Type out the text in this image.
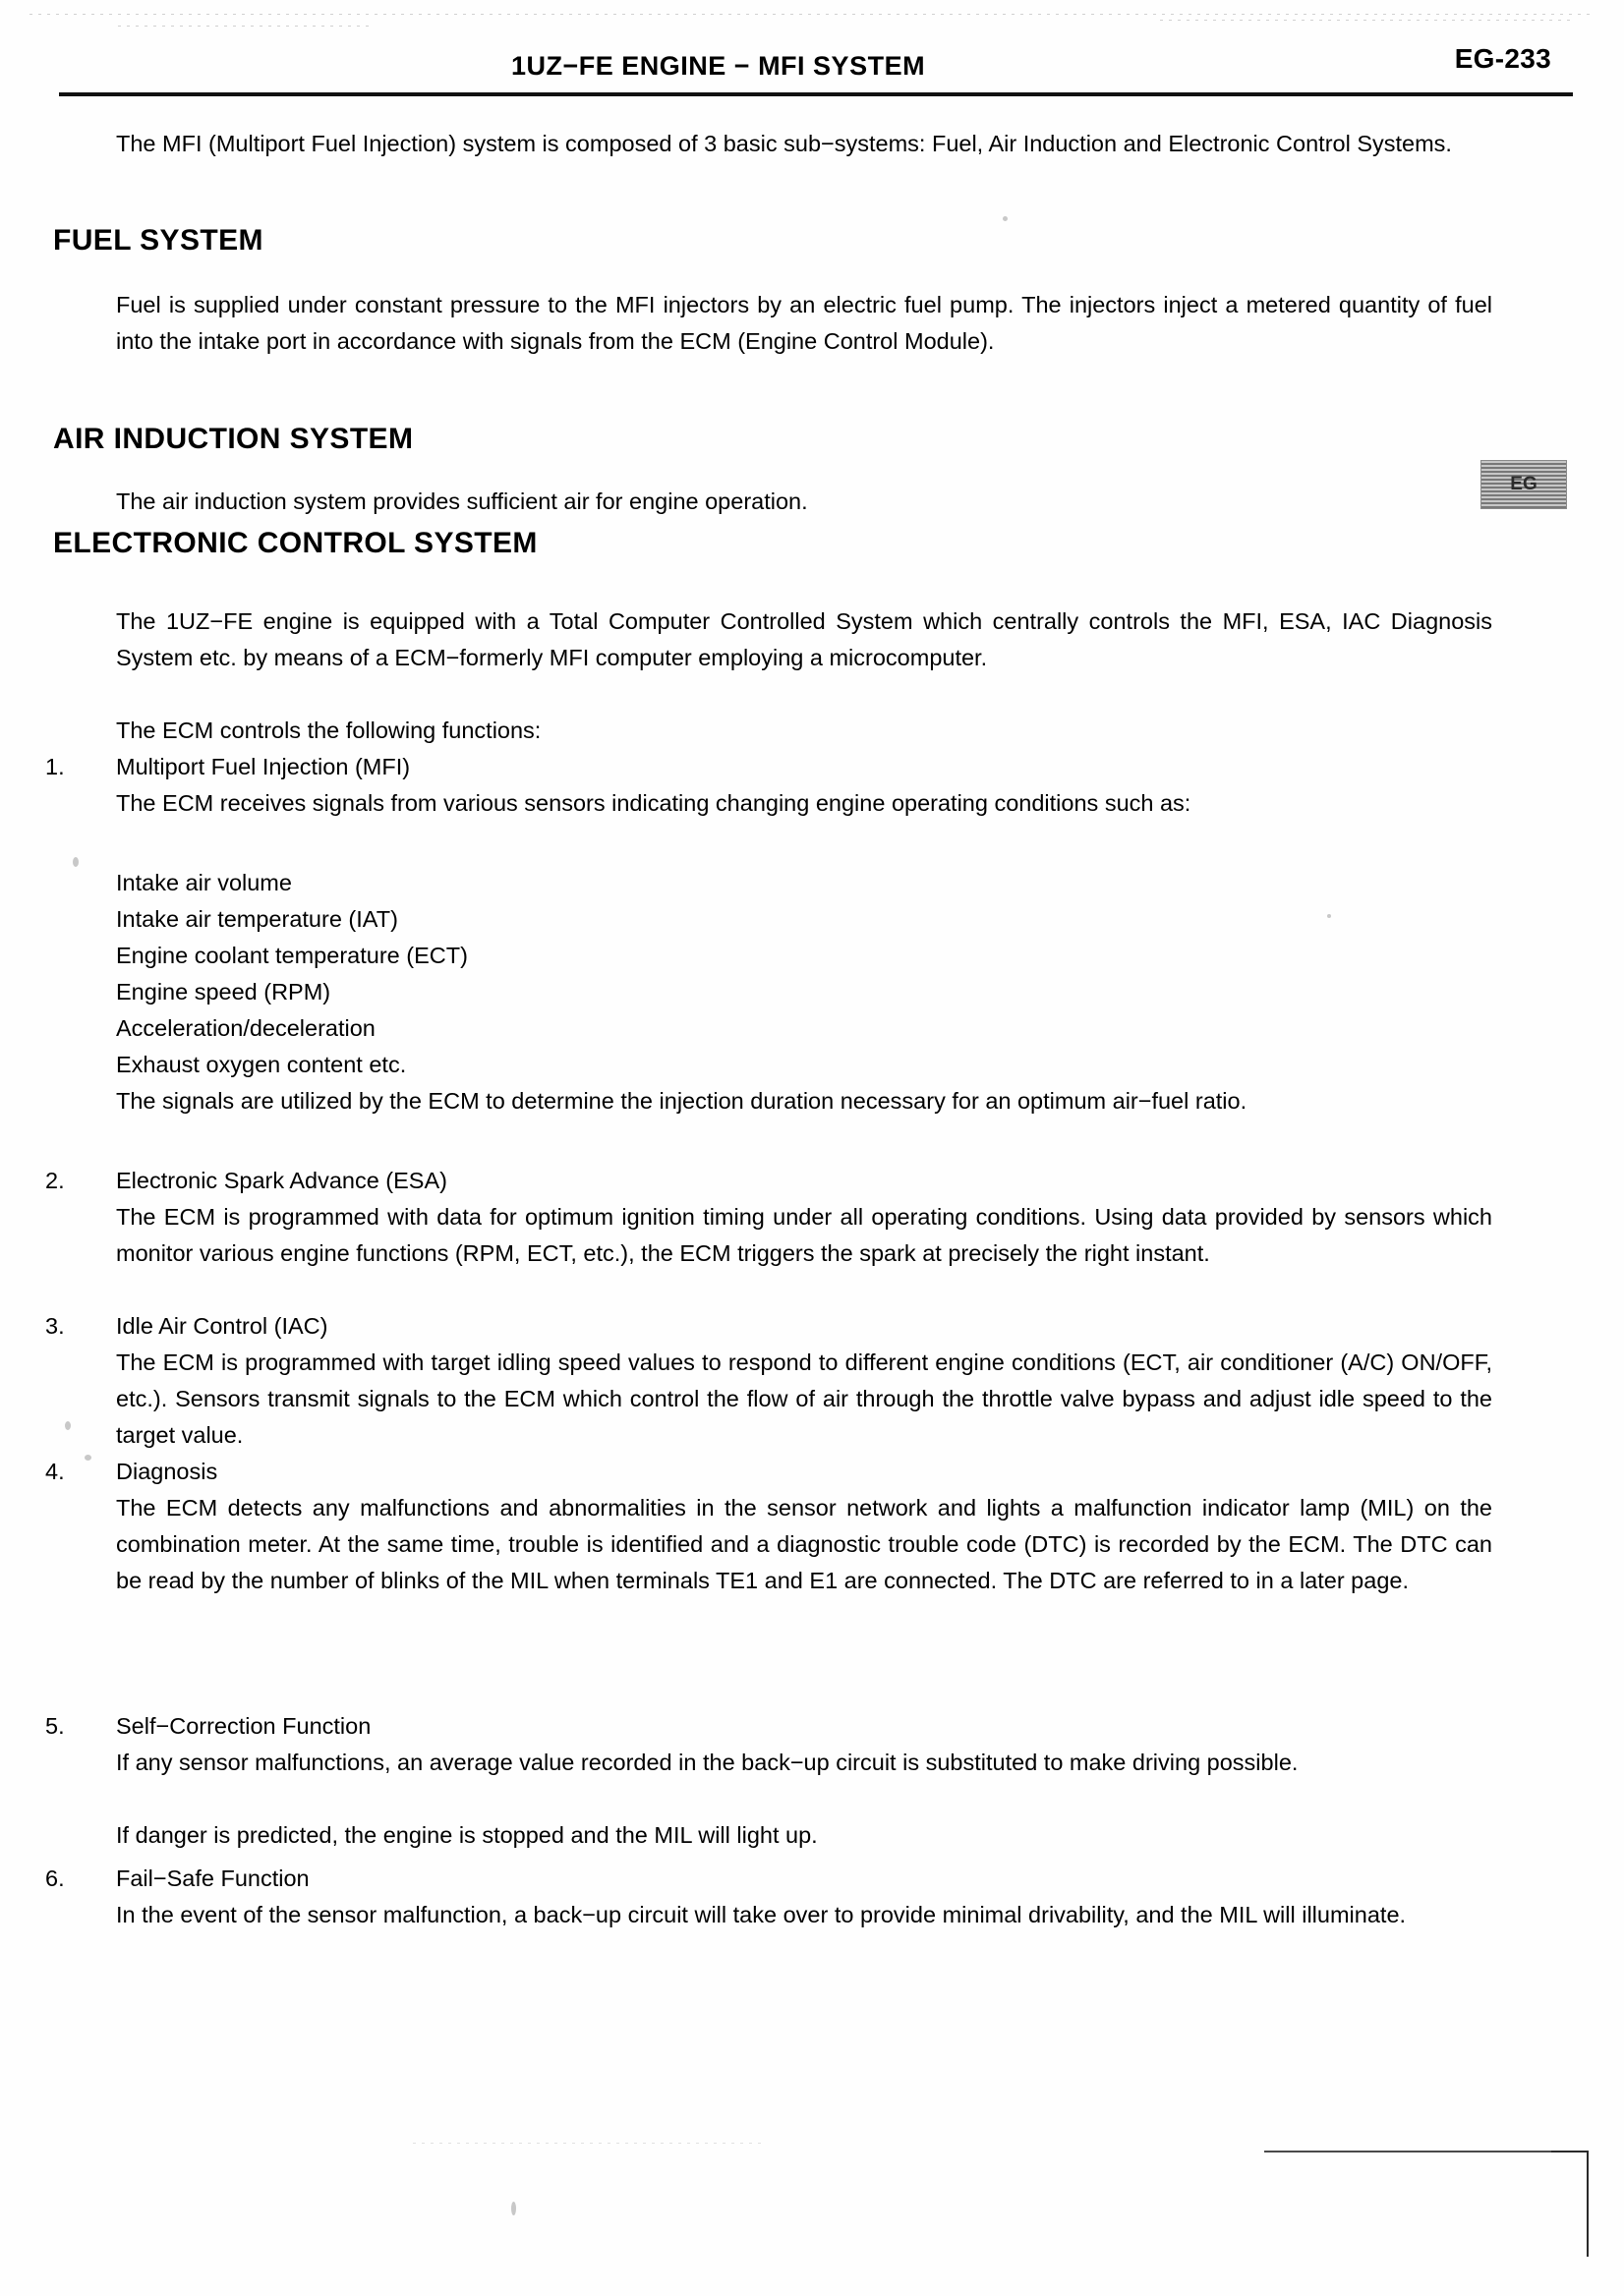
1UZ−FE ENGINE − MFI SYSTEM	EG-233
EG
The MFI (Multiport Fuel Injection) system is composed of 3 basic sub−systems: Fuel, Air Induction and Electronic Control Systems.
FUEL SYSTEM
Fuel is supplied under constant pressure to the MFI injectors by an electric fuel pump. The injectors inject a metered quantity of fuel into the intake port in accordance with signals from the ECM (Engine Control Module).
AIR INDUCTION SYSTEM
The air induction system provides sufficient air for engine operation.
ELECTRONIC CONTROL SYSTEM
The 1UZ−FE engine is equipped with a Total Computer Controlled System which centrally controls the MFI, ESA, IAC Diagnosis System etc. by means of a ECM−formerly MFI computer employing a microcomputer.
The ECM controls the following functions:
1.	Multiport Fuel Injection (MFI)
The ECM receives signals from various sensors indicating changing engine operating conditions such as:
Intake air volume
Intake air temperature (IAT)
Engine coolant temperature (ECT)
Engine speed (RPM)
Acceleration/deceleration
Exhaust oxygen content etc.
The signals are utilized by the ECM to determine the injection duration necessary for an optimum air−fuel ratio.
2.	Electronic Spark Advance (ESA)
The ECM is programmed with data for optimum ignition timing under all operating conditions. Using data provided by sensors which monitor various engine functions (RPM, ECT, etc.), the ECM triggers the spark at precisely the right instant.
3.	Idle Air Control (IAC)
The ECM is programmed with target idling speed values to respond to different engine conditions (ECT, air conditioner (A/C) ON/OFF, etc.). Sensors transmit signals to the ECM which control the flow of air through the throttle valve bypass and adjust idle speed to the target value.
4.	Diagnosis
The ECM detects any malfunctions and abnormalities in the sensor network and lights a malfunction indicator lamp (MIL) on the combination meter. At the same time, trouble is identified and a diagnostic trouble code (DTC) is recorded by the ECM. The DTC can be read by the number of blinks of the MIL when terminals TE1 and E1 are connected. The DTC are referred to in a later page.
5.	Self−Correction Function
If any sensor malfunctions, an average value recorded in the back−up circuit is substituted to make driving possible.
If danger is predicted, the engine is stopped and the MIL will light up.
6.	Fail−Safe Function
In the event of the sensor malfunction, a back−up circuit will take over to provide minimal drivability, and the MIL will illuminate.
